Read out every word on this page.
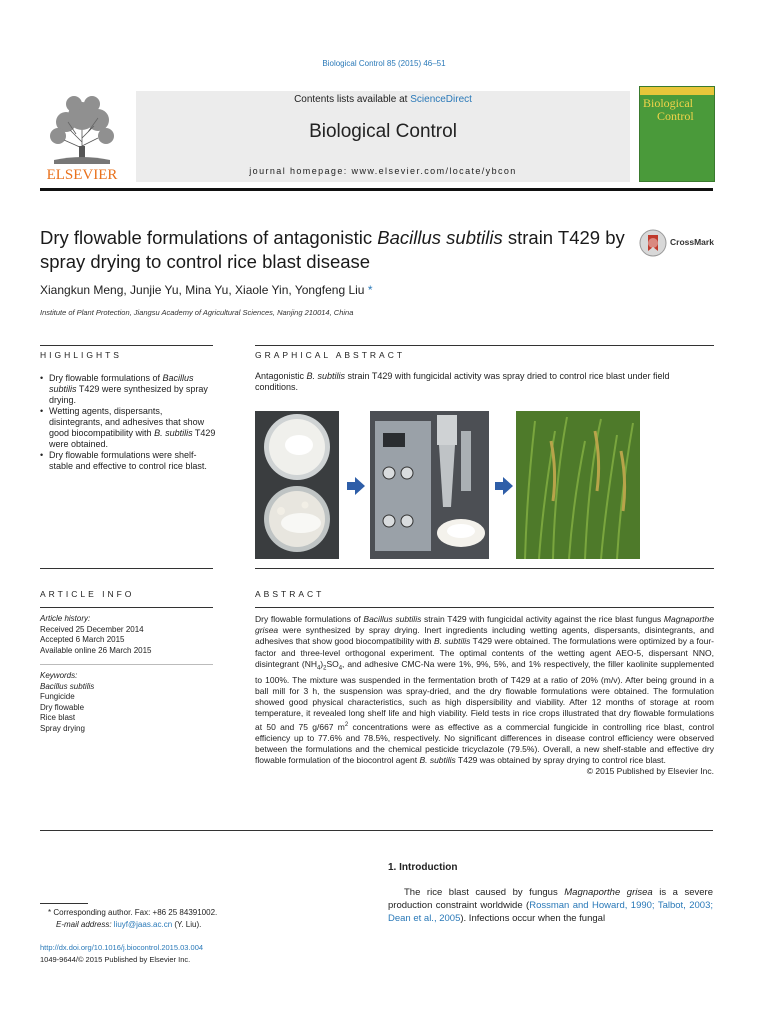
Biological Control 85 (2015) 46–51
ELSEVIER
Contents lists available at ScienceDirect
Biological Control
journal homepage: www.elsevier.com/locate/ybcon
Biological
Control
Dry flowable formulations of antagonistic Bacillus subtilis strain T429 by spray drying to control rice blast disease
CrossMark
Xiangkun Meng, Junjie Yu, Mina Yu, Xiaole Yin, Yongfeng Liu *
Institute of Plant Protection, Jiangsu Academy of Agricultural Sciences, Nanjing 210014, China
HIGHLIGHTS	GRAPHICAL ABSTRACT
• Dry flowable formulations of Bacillus subtilis T429 were synthesized by spray drying.
• Wetting agents, dispersants, disintegrants, and adhesives that show good biocompatibility with B. subtilis T429 were obtained.
• Dry flowable formulations were shelf-stable and effective to control rice blast.
Antagonistic B. subtilis strain T429 with fungicidal activity was spray dried to control rice blast under field conditions.
ARTICLE INFO	ABSTRACT
Article history:
Received 25 December 2014
Accepted 6 March 2015
Available online 26 March 2015
Keywords:
Bacillus subtilis
Fungicide
Dry flowable
Rice blast
Spray drying

Dry flowable formulations of Bacillus subtilis strain T429 with fungicidal activity against the rice blast fungus Magnaporthe grisea were synthesized by spray drying. Inert ingredients including wetting agents, dispersants, disintegrants, and adhesives that show good biocompatibility with B. subtilis T429 were obtained. The formulations were optimized by a four-factor and three-level orthogonal experiment. The optimal contents of the wetting agent AEO-5, dispersant NNO, disintegrant $(NH_4)_2SO_4$, and adhesive CMC-Na were 1%, 9%, 5%, and 1% respectively, the filler kaolinite supplemented to 100%. The mixture was suspended in the fermentation broth of T429 at a ratio of 20% (m/v). After being ground in a ball mill for 3 h, the suspension was spray-dried, and the dry flowable formulations were obtained. The formulation showed good physical characteristics, such as high dispersibility and viability. After 12 months of storage at room temperature, it revealed long shelf life and high viability. Field tests in rice crops illustrated that dry flowable formulations at 50 and 75 g/667 $m^2$ concentrations were as effective as a commercial fungicide in controlling rice blast, control efficiency up to 77.6% and 78.5%, respectively. No significant differences in disease control efficiency were observed between the formulations and the chemical pesticide tricyclazole (79.5%). Overall, a new shelf-stable and effective dry flowable formulation of the biocontrol agent B. subtilis T429 was obtained by spray drying to control rice blast.

© 2015 Published by Elsevier Inc.

1. Introduction
The rice blast caused by fungus Magnaporthe grisea is a severe production constraint worldwide (Rossman and Howard, 1990; Talbot, 2003; Dean et al., 2005). Infections occur when the fungal
* Corresponding author. Fax: +86 25 84391002.
E-mail address: liuyf@jaas.ac.cn (Y. Liu).
http://dx.doi.org/10.1016/j.biocontrol.2015.03.004
1049-9644/© 2015 Published by Elsevier Inc.
